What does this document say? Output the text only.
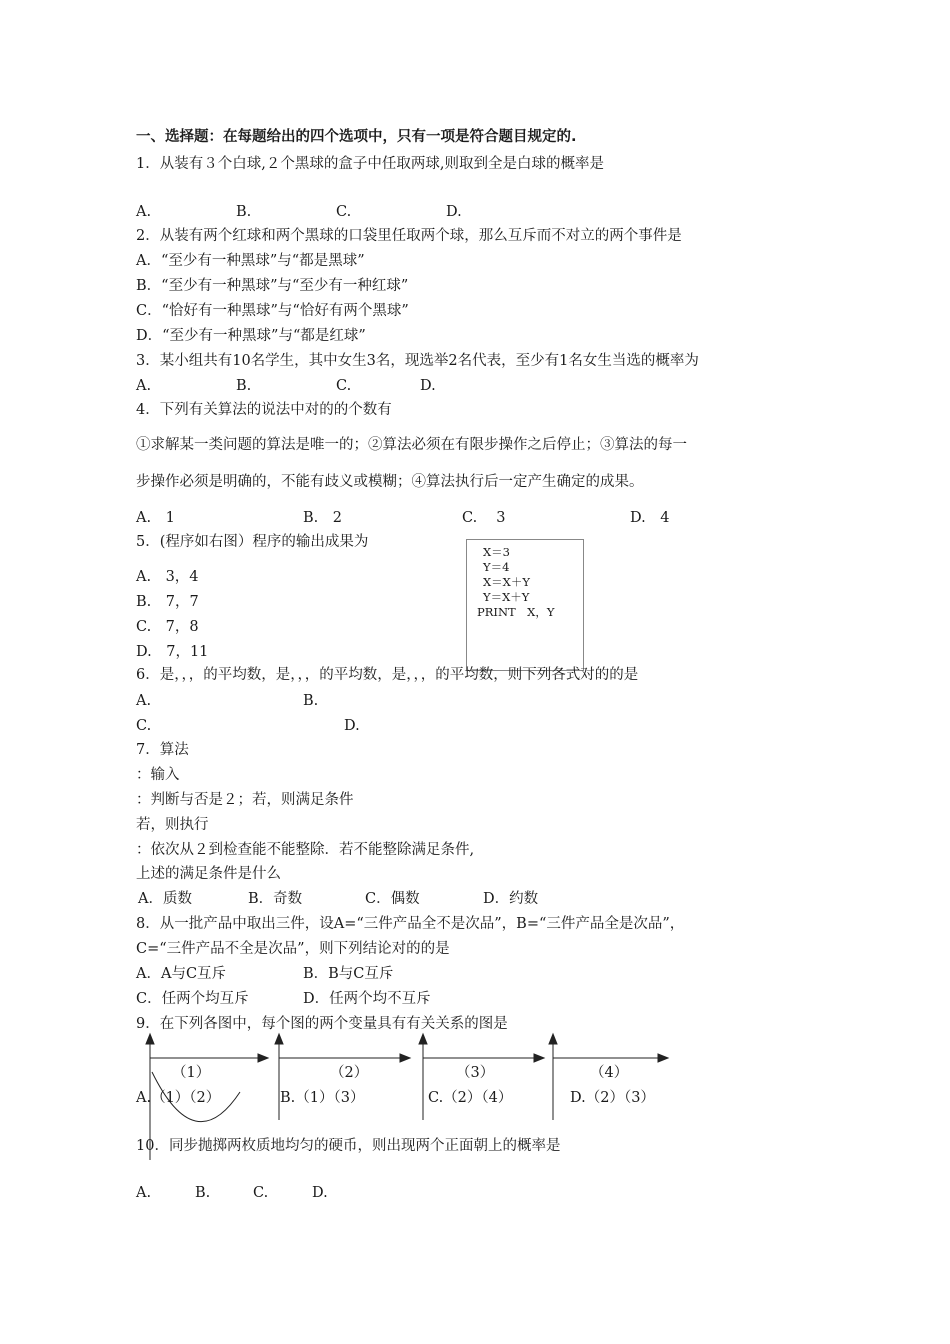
一、选择题：在每题给出的四个选项中，只有一项是符合题目规定的.
1．从装有３个白球,２个黑球的盒子中任取两球,则取到全是白球的概率是
A.	B.	C.	D.
2．从装有两个红球和两个黑球的口袋里任取两个球，那么互斥而不对立的两个事件是
A．“至少有一种黑球”与“都是黑球”
B．“至少有一种黑球”与“至少有一种红球”
C．“恰好有一种黑球”与“恰好有两个黑球”
D．“至少有一种黑球”与“都是红球”
3．某小组共有10名学生，其中女生3名，现选举2名代表，至少有1名女生当选的概率为
A.	B.	C.	D.
4．下列有关算法的说法中对的的个数有
①求解某一类问题的算法是唯一的；②算法必须在有限步操作之后停止；③算法的每一
步操作必须是明确的，不能有歧义或模糊；④算法执行后一定产生确定的成果。
A.　1	B.　2	C.　 3	D.　4
5．(程序如右图）程序的输出成果为
A.　3，4
B.　7，7
C.　7，8
D.　7，11
X＝3
Y＝4
X＝X＋Y
Y＝X＋Y
PRINT　X，Y
6．是，，，的平均数，是，，，的平均数，是，，，的平均数，则下列各式对的的是
A.	B.
C.	D.
7．算法
：输入
：判断与否是２；若，则满足条件
若，则执行
：依次从２到检查能不能整除．若不能整除满足条件,
上述的满足条件是什么
A．质数	B．奇数	C．偶数	D．约数
8．从一批产品中取出三件，设A=“三件产品全不是次品”，B=“三件产品全是次品”，
C=“三件产品不全是次品”，则下列结论对的的是
A．A与C互斥	B．B与C互斥
C．任两个均互斥	D．任两个均不互斥
9．在下列各图中，每个图的两个变量具有有关关系的图是
（1）	（2）	（3）	（4）
A.（1）（2）	B.（1）（3）	C.（2）（4）	D.（2）（3）
10．同步抛掷两枚质地均匀的硬币，则出现两个正面朝上的概率是
A.	B.	C.	D.
